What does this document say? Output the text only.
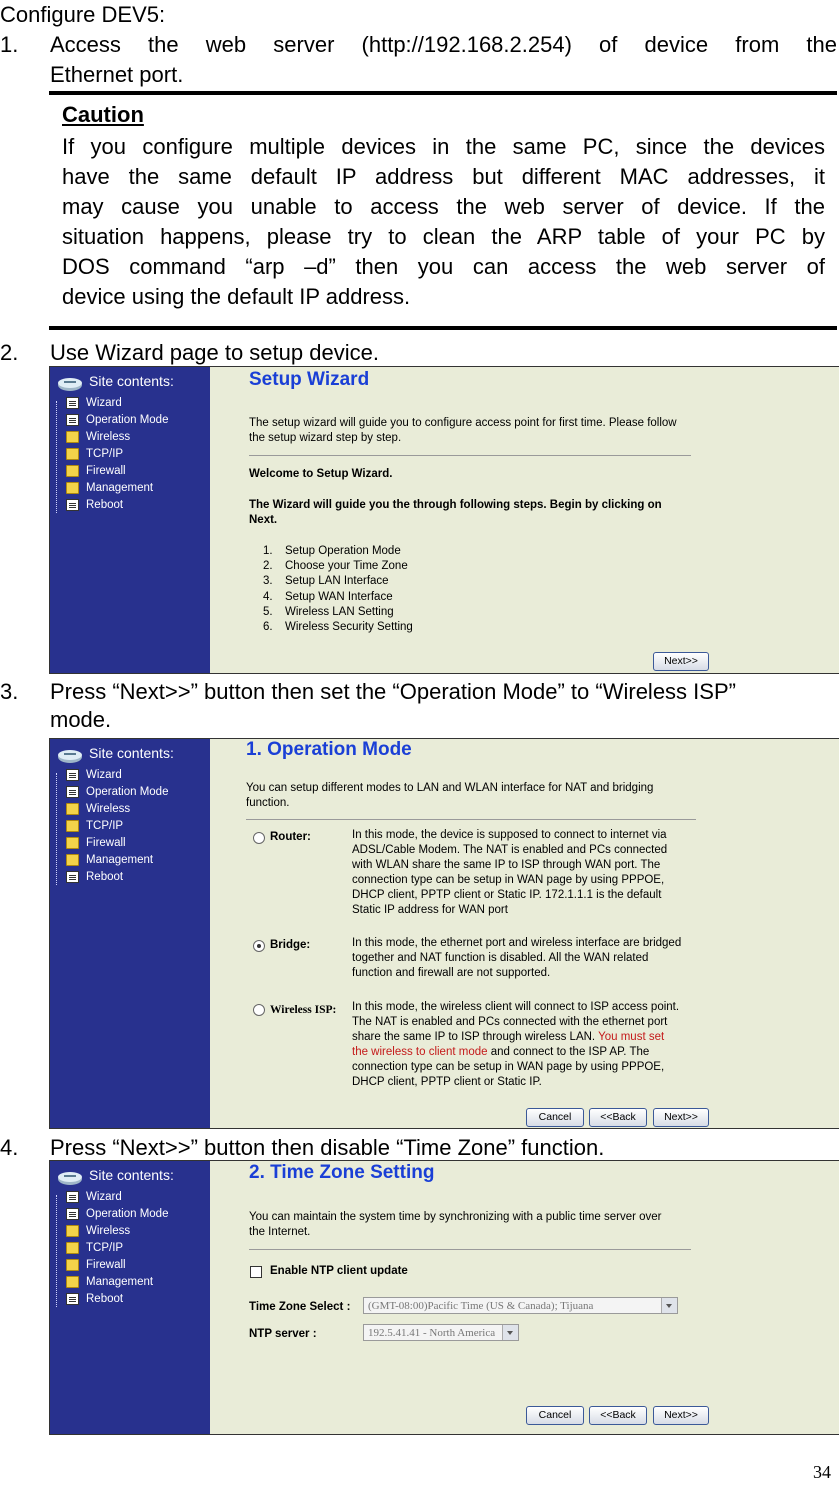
Configure DEV5:
1.	Access the web server (http://192.168.2.254) of device from the
Ethernet port.
Caution
If you configure multiple devices in the same PC, since the devices
have the same default IP address but different MAC addresses, it
may cause you unable to access the web server of device. If the
situation happens, please try to clean the ARP table of your PC by
DOS command “arp –d” then you can access the web server of
device using the default IP address.
2.	Use Wizard page to setup device.
Site contents:
Wizard
Operation Mode
Wireless
TCP/IP
Firewall
Management
Reboot
Setup Wizard
The setup wizard will guide you to configure access point for first time. Please follow
the setup wizard step by step.
Welcome to Setup Wizard.
The Wizard will guide you the through following steps. Begin by clicking on
Next.
1. Setup Operation Mode
2. Choose your Time Zone
3. Setup LAN Interface
4. Setup WAN Interface
5. Wireless LAN Setting
6. Wireless Security Setting
Next>>
3.	Press “Next>>” button then set the “Operation Mode” to “Wireless ISP”
mode.
Site contents:
Wizard
Operation Mode
Wireless
TCP/IP
Firewall
Management
Reboot
1. Operation Mode
You can setup different modes to LAN and WLAN interface for NAT and bridging
function.
Router:	In this mode, the device is supposed to connect to internet via
ADSL/Cable Modem. The NAT is enabled and PCs connected
with WLAN share the same IP to ISP through WAN port. The
connection type can be setup in WAN page by using PPPOE,
DHCP client, PPTP client or Static IP. 172.1.1.1 is the default
Static IP address for WAN port
Bridge:	In this mode, the ethernet port and wireless interface are bridged
together and NAT function is disabled. All the WAN related
function and firewall are not supported.
Wireless ISP: In this mode, the wireless client will connect to ISP access point.
The NAT is enabled and PCs connected with the ethernet port
share the same IP to ISP through wireless LAN. You must set
the wireless to client mode and connect to the ISP AP. The
connection type can be setup in WAN page by using PPPOE,
DHCP client, PPTP client or Static IP.
Cancel	<<Back	Next>>
4.	Press “Next>>” button then disable “Time Zone” function.
Site contents:
Wizard
Operation Mode
Wireless
TCP/IP
Firewall
Management
Reboot
2. Time Zone Setting
You can maintain the system time by synchronizing with a public time server over
the Internet.
Enable NTP client update
Time Zone Select :	(GMT-08:00)Pacific Time (US & Canada); Tijuana
NTP server :	192.5.41.41 - North America
Cancel	<<Back	Next>>
34
